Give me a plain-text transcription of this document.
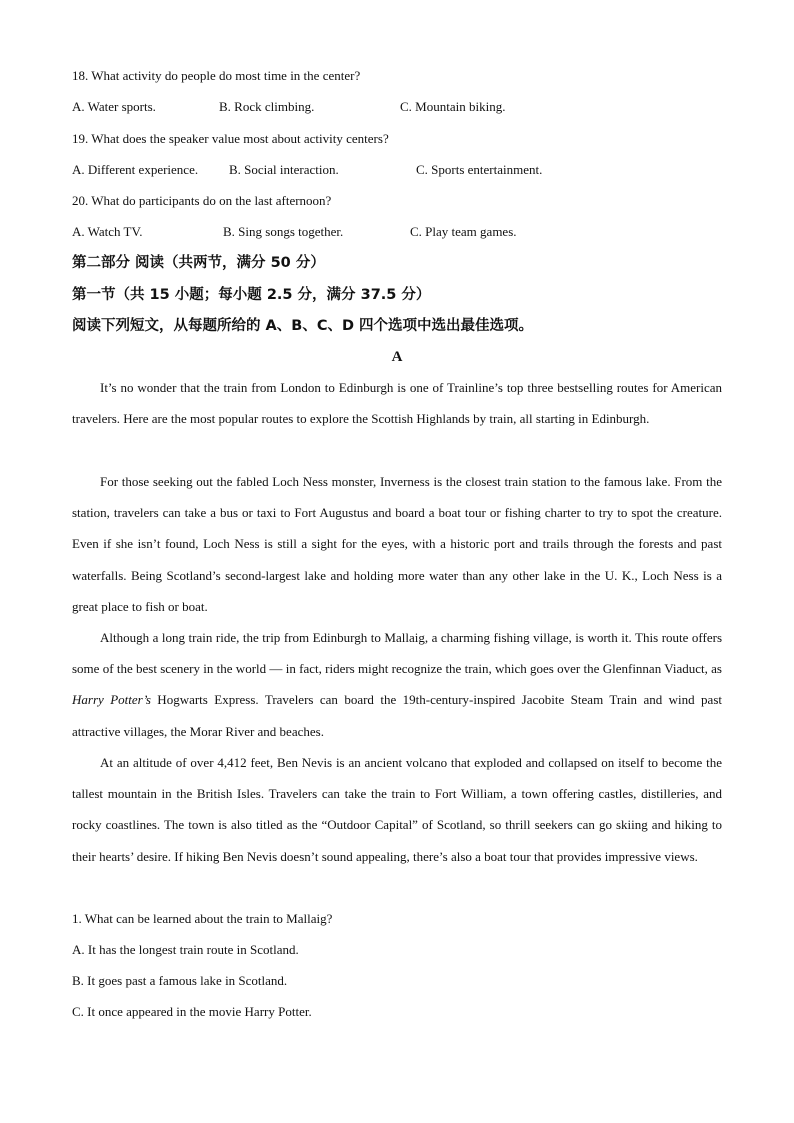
18. What activity do people do most time in the center?
A. Water sports.	B. Rock climbing.	C. Mountain biking.
19. What does the speaker value most about activity centers?
A. Different experience. B. Social interaction.	C. Sports entertainment.
20. What do participants do on the last afternoon?
A. Watch TV.	B. Sing songs together.	C. Play team games.
第二部分 阅读（共两节，满分 50 分）
第一节（共 15 小题；每小题 2.5 分，满分 37.5 分）
阅读下列短文，从每题所给的 A、B、C、D 四个选项中选出最佳选项。
A
It’s no wonder that the train from London to Edinburgh is one of Trainline’s top three bestselling routes for American travelers. Here are the most popular routes to explore the Scottish Highlands by train, all starting in Edinburgh.
For those seeking out the fabled Loch Ness monster, Inverness is the closest train station to the famous lake. From the station, travelers can take a bus or taxi to Fort Augustus and board a boat tour or fishing charter to try to spot the creature. Even if she isn’t found, Loch Ness is still a sight for the eyes, with a historic port and trails through the forests and past waterfalls. Being Scotland’s second-largest lake and holding more water than any other lake in the U. K., Loch Ness is a great place to fish or boat.
Although a long train ride, the trip from Edinburgh to Mallaig, a charming fishing village, is worth it. This route offers some of the best scenery in the world — in fact, riders might recognize the train, which goes over the Glenfinnan Viaduct, as Harry Potter’s Hogwarts Express. Travelers can board the 19th-century-inspired Jacobite Steam Train and wind past attractive villages, the Morar River and beaches.
At an altitude of over 4,412 feet, Ben Nevis is an ancient volcano that exploded and collapsed on itself to become the tallest mountain in the British Isles. Travelers can take the train to Fort William, a town offering castles, distilleries, and rocky coastlines. The town is also titled as the “Outdoor Capital” of Scotland, so thrill seekers can go skiing and hiking to their hearts’ desire. If hiking Ben Nevis doesn’t sound appealing, there’s also a boat tour that provides impressive views.
1. What can be learned about the train to Mallaig?
A. It has the longest train route in Scotland.
B. It goes past a famous lake in Scotland.
C. It once appeared in the movie Harry Potter.
